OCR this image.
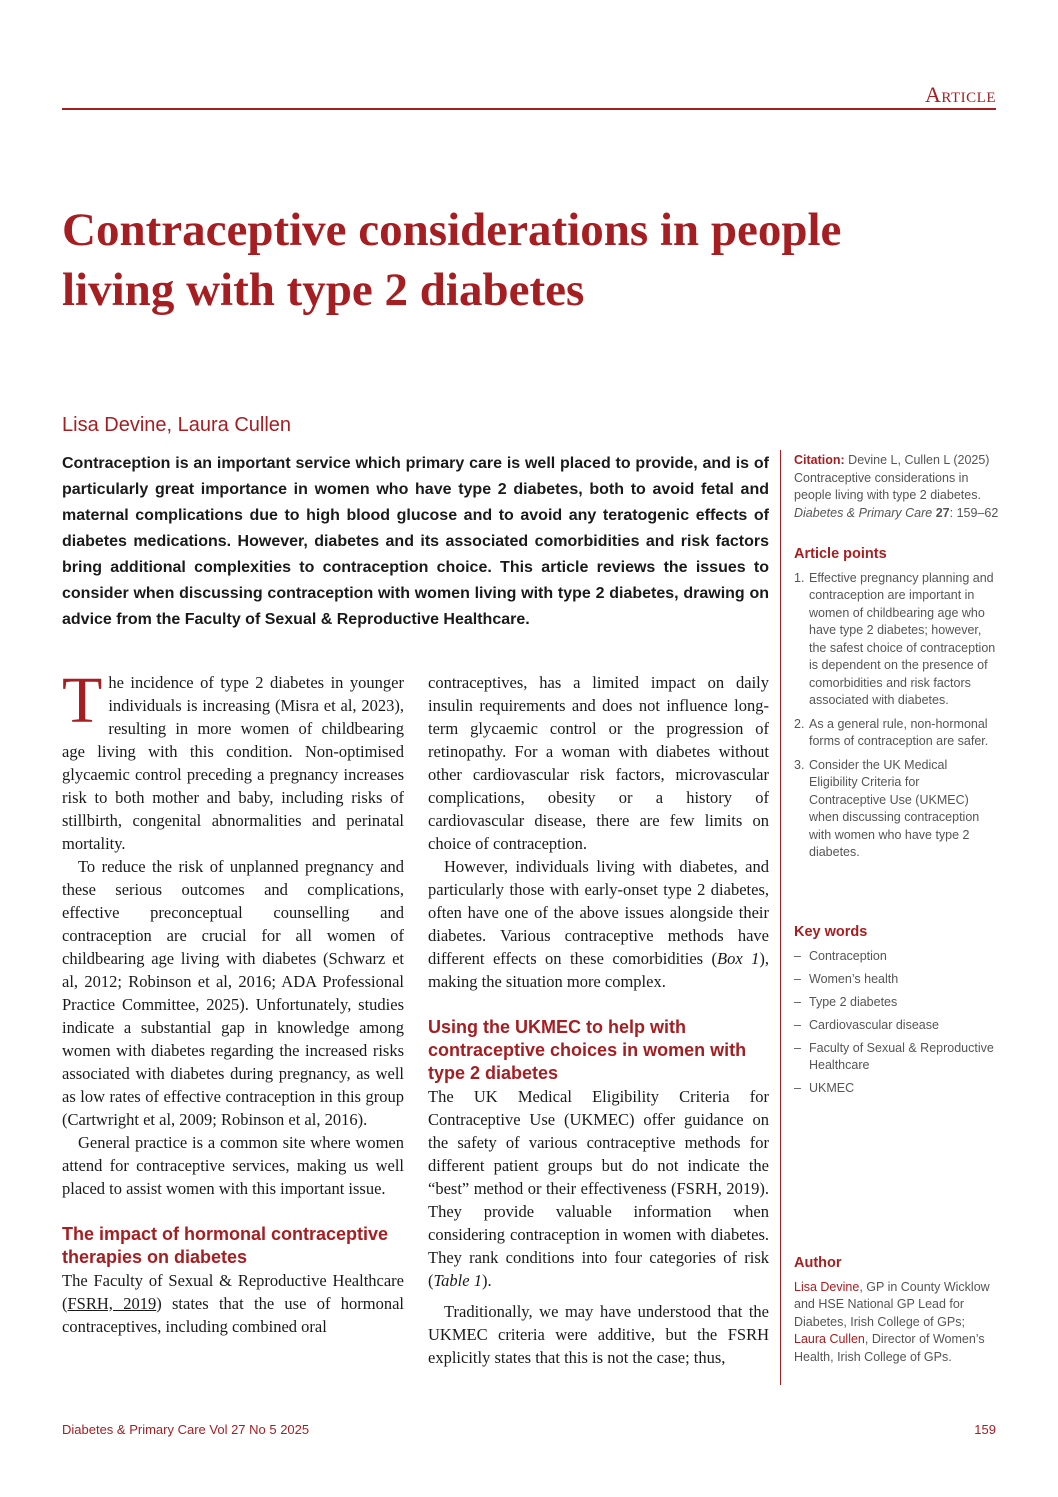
Article
Contraceptive considerations in people living with type 2 diabetes
Lisa Devine, Laura Cullen

Contraception is an important service which primary care is well placed to provide, and is of particularly great importance in women who have type 2 diabetes, both to avoid fetal and maternal complications due to high blood glucose and to avoid any teratogenic effects of diabetes medications. However, diabetes and its associated comorbidities and risk factors bring additional complexities to contraception choice. This article reviews the issues to consider when discussing contraception with women living with type 2 diabetes, drawing on advice from the Faculty of Sexual & Reproductive Healthcare.

The incidence of type 2 diabetes in younger individuals is increasing (Misra et al, 2023), resulting in more women of childbearing age living with this condition. Non-optimised glycaemic control preceding a pregnancy increases risk to both mother and baby, including risks of stillbirth, congenital abnormalities and perinatal mortality.

To reduce the risk of unplanned pregnancy and these serious outcomes and complications, effective preconceptual counselling and contraception are crucial for all women of childbearing age living with diabetes (Schwarz et al, 2012; Robinson et al, 2016; ADA Professional Practice Committee, 2025). Unfortunately, studies indicate a substantial gap in knowledge among women with diabetes regarding the increased risks associated with diabetes during pregnancy, as well as low rates of effective contraception in this group (Cartwright et al, 2009; Robinson et al, 2016).

General practice is a common site where women attend for contraceptive services, making us well placed to assist women with this important issue.

The impact of hormonal contraceptive therapies on diabetes

The Faculty of Sexual & Reproductive Healthcare (FSRH, 2019) states that the use of hormonal contraceptives, including combined oral

contraceptives, has a limited impact on daily insulin requirements and does not influence long-term glycaemic control or the progression of retinopathy. For a woman with diabetes without other cardiovascular risk factors, microvascular complications, obesity or a history of cardiovascular disease, there are few limits on choice of contraception.

However, individuals living with diabetes, and particularly those with early-onset type 2 diabetes, often have one of the above issues alongside their diabetes. Various contraceptive methods have different effects on these comorbidities (Box 1), making the situation more complex.

Using the UKMEC to help with contraceptive choices in women with type 2 diabetes

The UK Medical Eligibility Criteria for Contraceptive Use (UKMEC) offer guidance on the safety of various contraceptive methods for different patient groups but do not indicate the “best” method or their effectiveness (FSRH, 2019). They provide valuable information when considering contraception in women with diabetes. They rank conditions into four categories of risk (Table 1).

Traditionally, we may have understood that the UKMEC criteria were additive, but the FSRH explicitly states that this is not the case; thus,

Citation: Devine L, Cullen L (2025) Contraceptive considerations in people living with type 2 diabetes. Diabetes & Primary Care 27: 159–62
Article points
1. Effective pregnancy planning and contraception are important in women of childbearing age who have type 2 diabetes; however, the safest choice of contraception is dependent on the presence of comorbidities and risk factors associated with diabetes.
2. As a general rule, non-hormonal forms of contraception are safer.
3. Consider the UK Medical Eligibility Criteria for Contraceptive Use (UKMEC) when discussing contraception with women who have type 2 diabetes.
Key words
– Contraception
– Women’s health
– Type 2 diabetes
– Cardiovascular disease
– Faculty of Sexual & Reproductive Healthcare
– UKMEC
Author
Lisa Devine, GP in County Wicklow and HSE National GP Lead for Diabetes, Irish College of GPs; Laura Cullen, Director of Women’s Health, Irish College of GPs.
Diabetes & Primary Care Vol 27 No 5 2025	159
